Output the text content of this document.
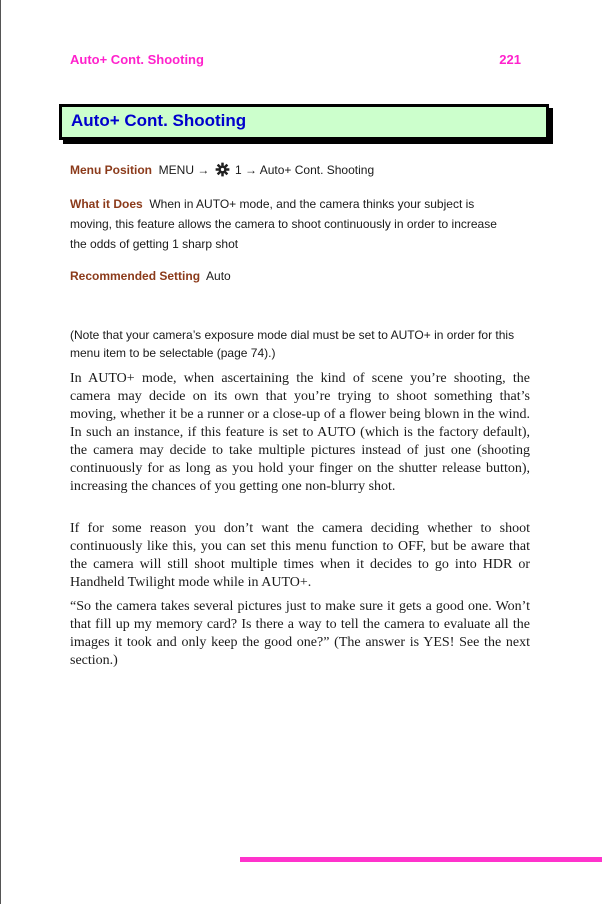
Auto+ Cont. Shooting	221
Auto+ Cont. Shooting
Menu Position MENU → 1 → Auto+ Cont. Shooting
What it Does When in AUTO+ mode, and the camera thinks your subject is moving, this feature allows the camera to shoot continuously in order to increase the odds of getting 1 sharp shot
Recommended Setting Auto
(Note that your camera’s exposure mode dial must be set to AUTO+ in order for this menu item to be selectable (page 74).)

In AUTO+ mode, when ascertaining the kind of scene you’re shooting, the camera may decide on its own that you’re trying to shoot something that’s moving, whether it be a runner or a close-up of a flower being blown in the wind. In such an instance, if this feature is set to AUTO (which is the factory default), the camera may decide to take multiple pictures instead of just one (shooting continuously for as long as you hold your finger on the shutter release button), increasing the chances of you getting one non-blurry shot.

If for some reason you don’t want the camera deciding whether to shoot continuously like this, you can set this menu function to OFF, but be aware that the camera will still shoot multiple times when it decides to go into HDR or Handheld Twilight mode while in AUTO+.

“So the camera takes several pictures just to make sure it gets a good one. Won’t that fill up my memory card? Is there a way to tell the camera to evaluate all the images it took and only keep the good one?” (The answer is YES! See the next section.)
